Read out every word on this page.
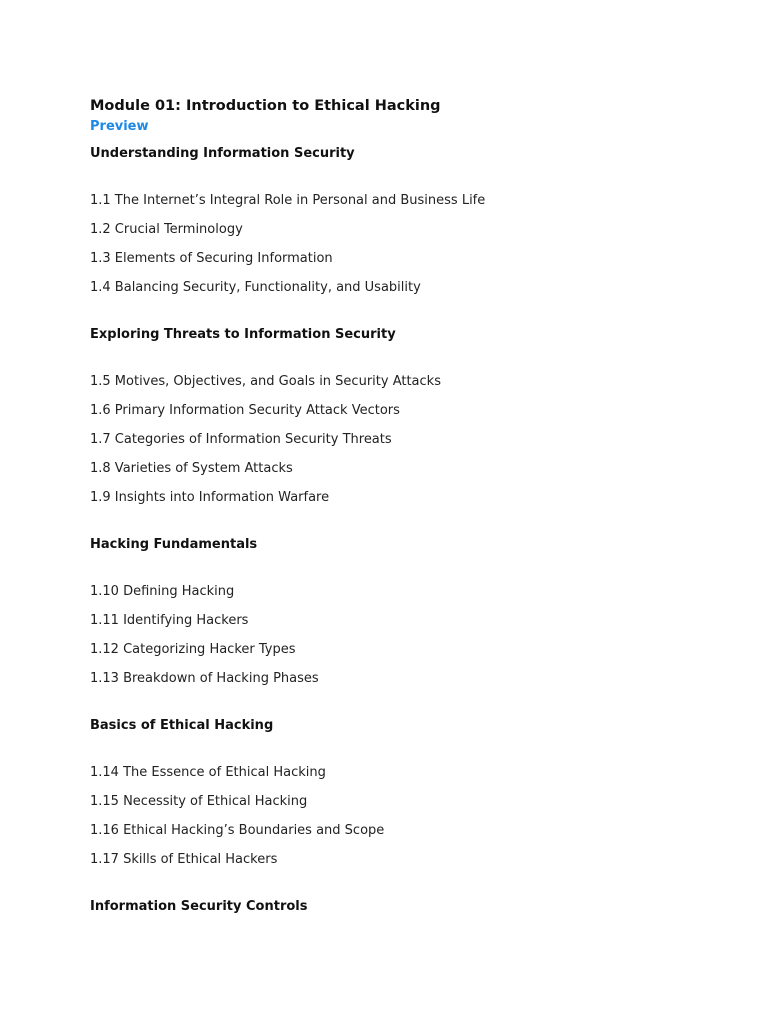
Module 01: Introduction to Ethical Hacking
Preview
Understanding Information Security
1.1 The Internet’s Integral Role in Personal and Business Life
1.2 Crucial Terminology
1.3 Elements of Securing Information
1.4 Balancing Security, Functionality, and Usability
Exploring Threats to Information Security
1.5 Motives, Objectives, and Goals in Security Attacks
1.6 Primary Information Security Attack Vectors
1.7 Categories of Information Security Threats
1.8 Varieties of System Attacks
1.9 Insights into Information Warfare
Hacking Fundamentals
1.10 Defining Hacking
1.11 Identifying Hackers
1.12 Categorizing Hacker Types
1.13 Breakdown of Hacking Phases
Basics of Ethical Hacking
1.14 The Essence of Ethical Hacking
1.15 Necessity of Ethical Hacking
1.16 Ethical Hacking’s Boundaries and Scope
1.17 Skills of Ethical Hackers
Information Security Controls
